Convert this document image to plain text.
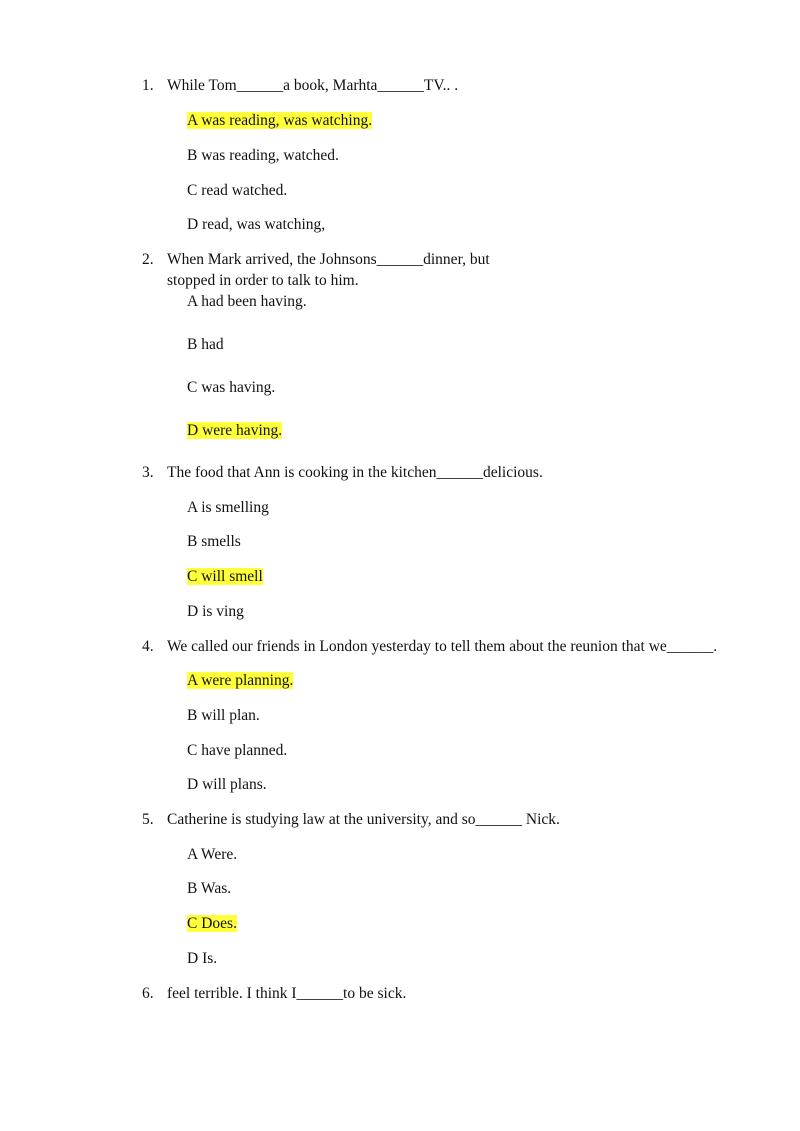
1. While Tom______a book, Marhta______TV.. .
A was reading, was watching.
B was reading, watched.
C read watched.
D read, was watching,
2. When Mark arrived, the Johnsons______dinner, but
stopped in order to talk to him.
A had been having.
B had
C was having.
D were having.
3. The food that Ann is cooking in the kitchen______delicious.
A is smelling
B smells
C will smell
D is ving
4. We called our friends in London yesterday to tell them about the reunion that we______.
A were planning.
B will plan.
C have planned.
D will plans.
5. Catherine is studying law at the university, and so______ Nick.
A Were.
B Was.
C Does.
D Is.
6. feel terrible. I think I______to be sick.
